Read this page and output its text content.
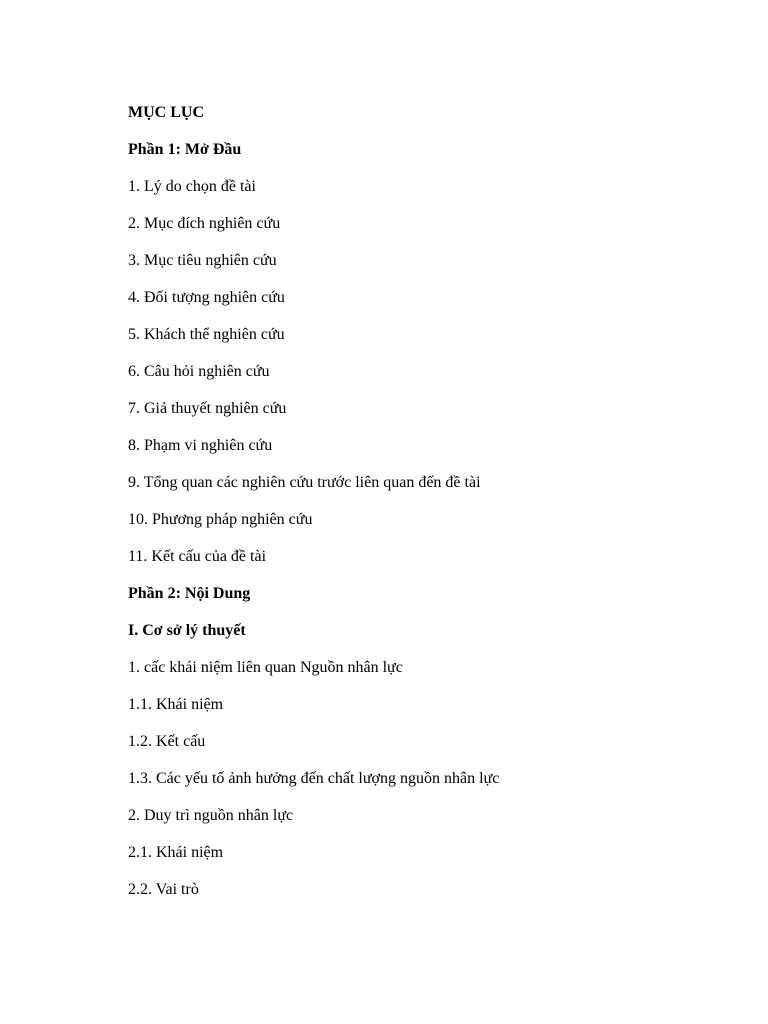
MỤC LỤC
Phần 1: Mở Đầu
1. Lý do chọn đề tài
2. Mục đích nghiên cứu
3. Mục tiêu nghiên cứu
4. Đối tượng nghiên cứu
5. Khách thể nghiên cứu
6. Câu hỏi nghiên cứu
7. Giả thuyết nghiên cứu
8. Phạm vi nghiên cứu
9. Tổng quan các nghiên cứu trước liên quan đến đề tài
10. Phương pháp nghiên cứu
11. Kết cấu của đề tài
Phần 2: Nội Dung
I. Cơ sở lý thuyết
1. cấc khái niệm liên quan Nguồn nhân lực
1.1. Khái niệm
1.2. Kết cấu
1.3. Các yếu tố ảnh hưởng đến chất lượng nguồn nhân lực
2. Duy trì nguồn nhân lực
2.1. Khái niệm
2.2. Vai trò
